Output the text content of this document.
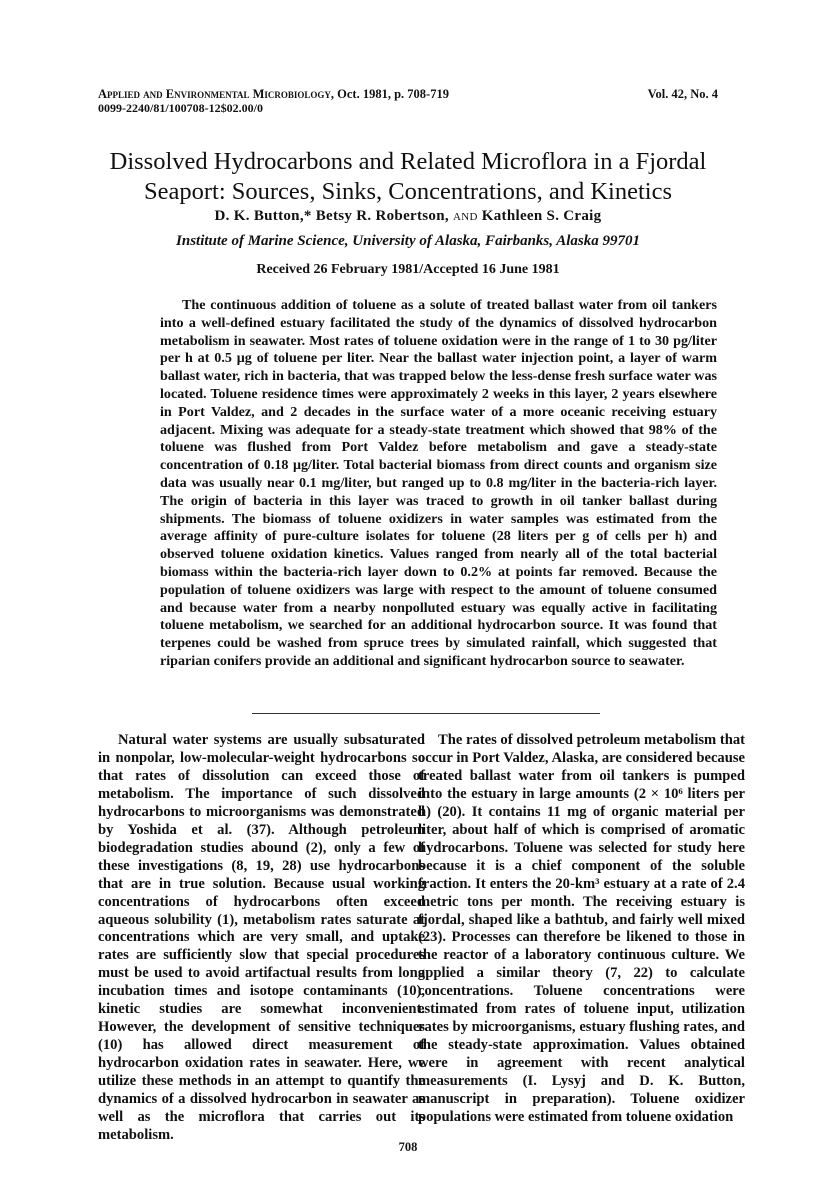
Applied and Environmental Microbiology, Oct. 1981, p. 708-719
0099-2240/81/100708-12$02.00/0
Vol. 42, No. 4
Dissolved Hydrocarbons and Related Microflora in a Fjordal
Seaport: Sources, Sinks, Concentrations, and Kinetics
D. K. Button,* Betsy R. Robertson, and Kathleen S. Craig
Institute of Marine Science, University of Alaska, Fairbanks, Alaska 99701
Received 26 February 1981/Accepted 16 June 1981

The continuous addition of toluene as a solute of treated ballast water from oil tankers into a well-defined estuary facilitated the study of the dynamics of dissolved hydrocarbon metabolism in seawater. Most rates of toluene oxidation were in the range of 1 to 30 pg/liter per h at 0.5 μg of toluene per liter. Near the ballast water injection point, a layer of warm ballast water, rich in bacteria, that was trapped below the less-dense fresh surface water was located. Toluene residence times were approximately 2 weeks in this layer, 2 years elsewhere in Port Valdez, and 2 decades in the surface water of a more oceanic receiving estuary adjacent. Mixing was adequate for a steady-state treatment which showed that 98% of the toluene was flushed from Port Valdez before metabolism and gave a steady-state concentration of 0.18 μg/liter. Total bacterial biomass from direct counts and organism size data was usually near 0.1 mg/liter, but ranged up to 0.8 mg/liter in the bacteria-rich layer. The origin of bacteria in this layer was traced to growth in oil tanker ballast during shipments. The biomass of toluene oxidizers in water samples was estimated from the average affinity of pure-culture isolates for toluene (28 liters per g of cells per h) and observed toluene oxidation kinetics. Values ranged from nearly all of the total bacterial biomass within the bacteria-rich layer down to 0.2% at points far removed. Because the population of toluene oxidizers was large with respect to the amount of toluene consumed and because water from a nearby nonpolluted estuary was equally active in facilitating toluene metabolism, we searched for an additional hydrocarbon source. It was found that terpenes could be washed from spruce trees by simulated rainfall, which suggested that riparian conifers provide an additional and significant hydrocarbon source to seawater.

Natural water systems are usually subsaturated in nonpolar, low-molecular-weight hydrocarbons so that rates of dissolution can exceed those of metabolism. The importance of such dissolved hydrocarbons to microorganisms was demonstrated by Yoshida et al. (37). Although petroleum biodegradation studies abound (2), only a few of these investigations (8, 19, 28) use hydrocarbons that are in true solution. Because usual working concentrations of hydrocarbons often exceed aqueous solubility (1), metabolism rates saturate at concentrations which are very small, and uptake rates are sufficiently slow that special procedures must be used to avoid artifactual results from long incubation times and isotope contaminants (10), kinetic studies are somewhat inconvenient. However, the development of sensitive techniques (10) has allowed direct measurement of hydrocarbon oxidation rates in seawater. Here, we utilize these methods in an attempt to quantify the dynamics of a dissolved hydrocarbon in seawater as well as the microflora that carries out its metabolism.

The rates of dissolved petroleum metabolism that occur in Port Valdez, Alaska, are considered because treated ballast water from oil tankers is pumped into the estuary in large amounts (2 × 10⁶ liters per h) (20). It contains 11 mg of organic material per liter, about half of which is comprised of aromatic hydrocarbons. Toluene was selected for study here because it is a chief component of the soluble fraction. It enters the 20-km³ estuary at a rate of 2.4 metric tons per month. The receiving estuary is fjordal, shaped like a bathtub, and fairly well mixed (23). Processes can therefore be likened to those in the reactor of a laboratory continuous culture. We applied a similar theory (7, 22) to calculate concentrations. Toluene concentrations were estimated from rates of toluene input, utilization rates by microorganisms, estuary flushing rates, and the steady-state approximation. Values obtained were in agreement with recent analytical measurements (I. Lysyj and D. K. Button, manuscript in preparation). Toluene oxidizer populations were estimated from toluene oxidation

708
